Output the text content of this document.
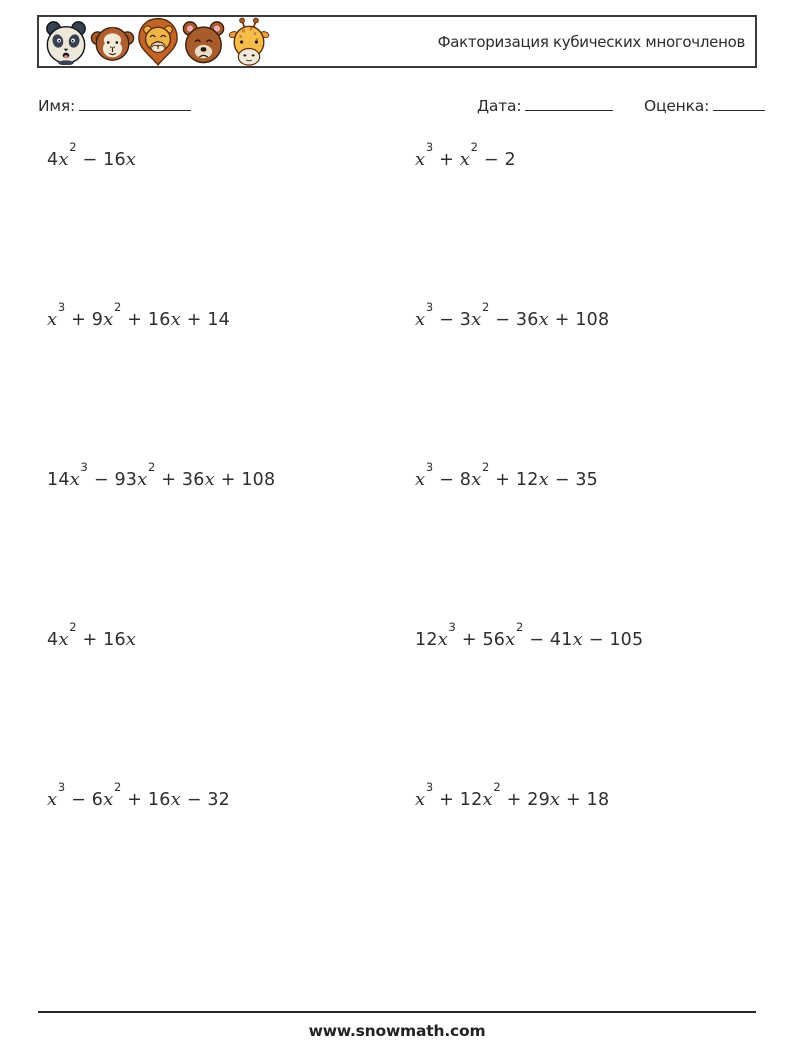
Факторизация кубических многочленов
Имя:	Дата:	Оценка:
$4x^2 - 16x$	$x^3 + x^2 - 2$
$x^3 + 9x^2 + 16x + 14$	$x^3 - 3x^2 - 36x + 108$
$14x^3 - 93x^2 + 36x + 108$	$x^3 - 8x^2 + 12x - 35$
$4x^2 + 16x$	$12x^3 + 56x^2 - 41x - 105$
$x^3 - 6x^2 + 16x - 32$	$x^3 + 12x^2 + 29x + 18$
www.snowmath.com
